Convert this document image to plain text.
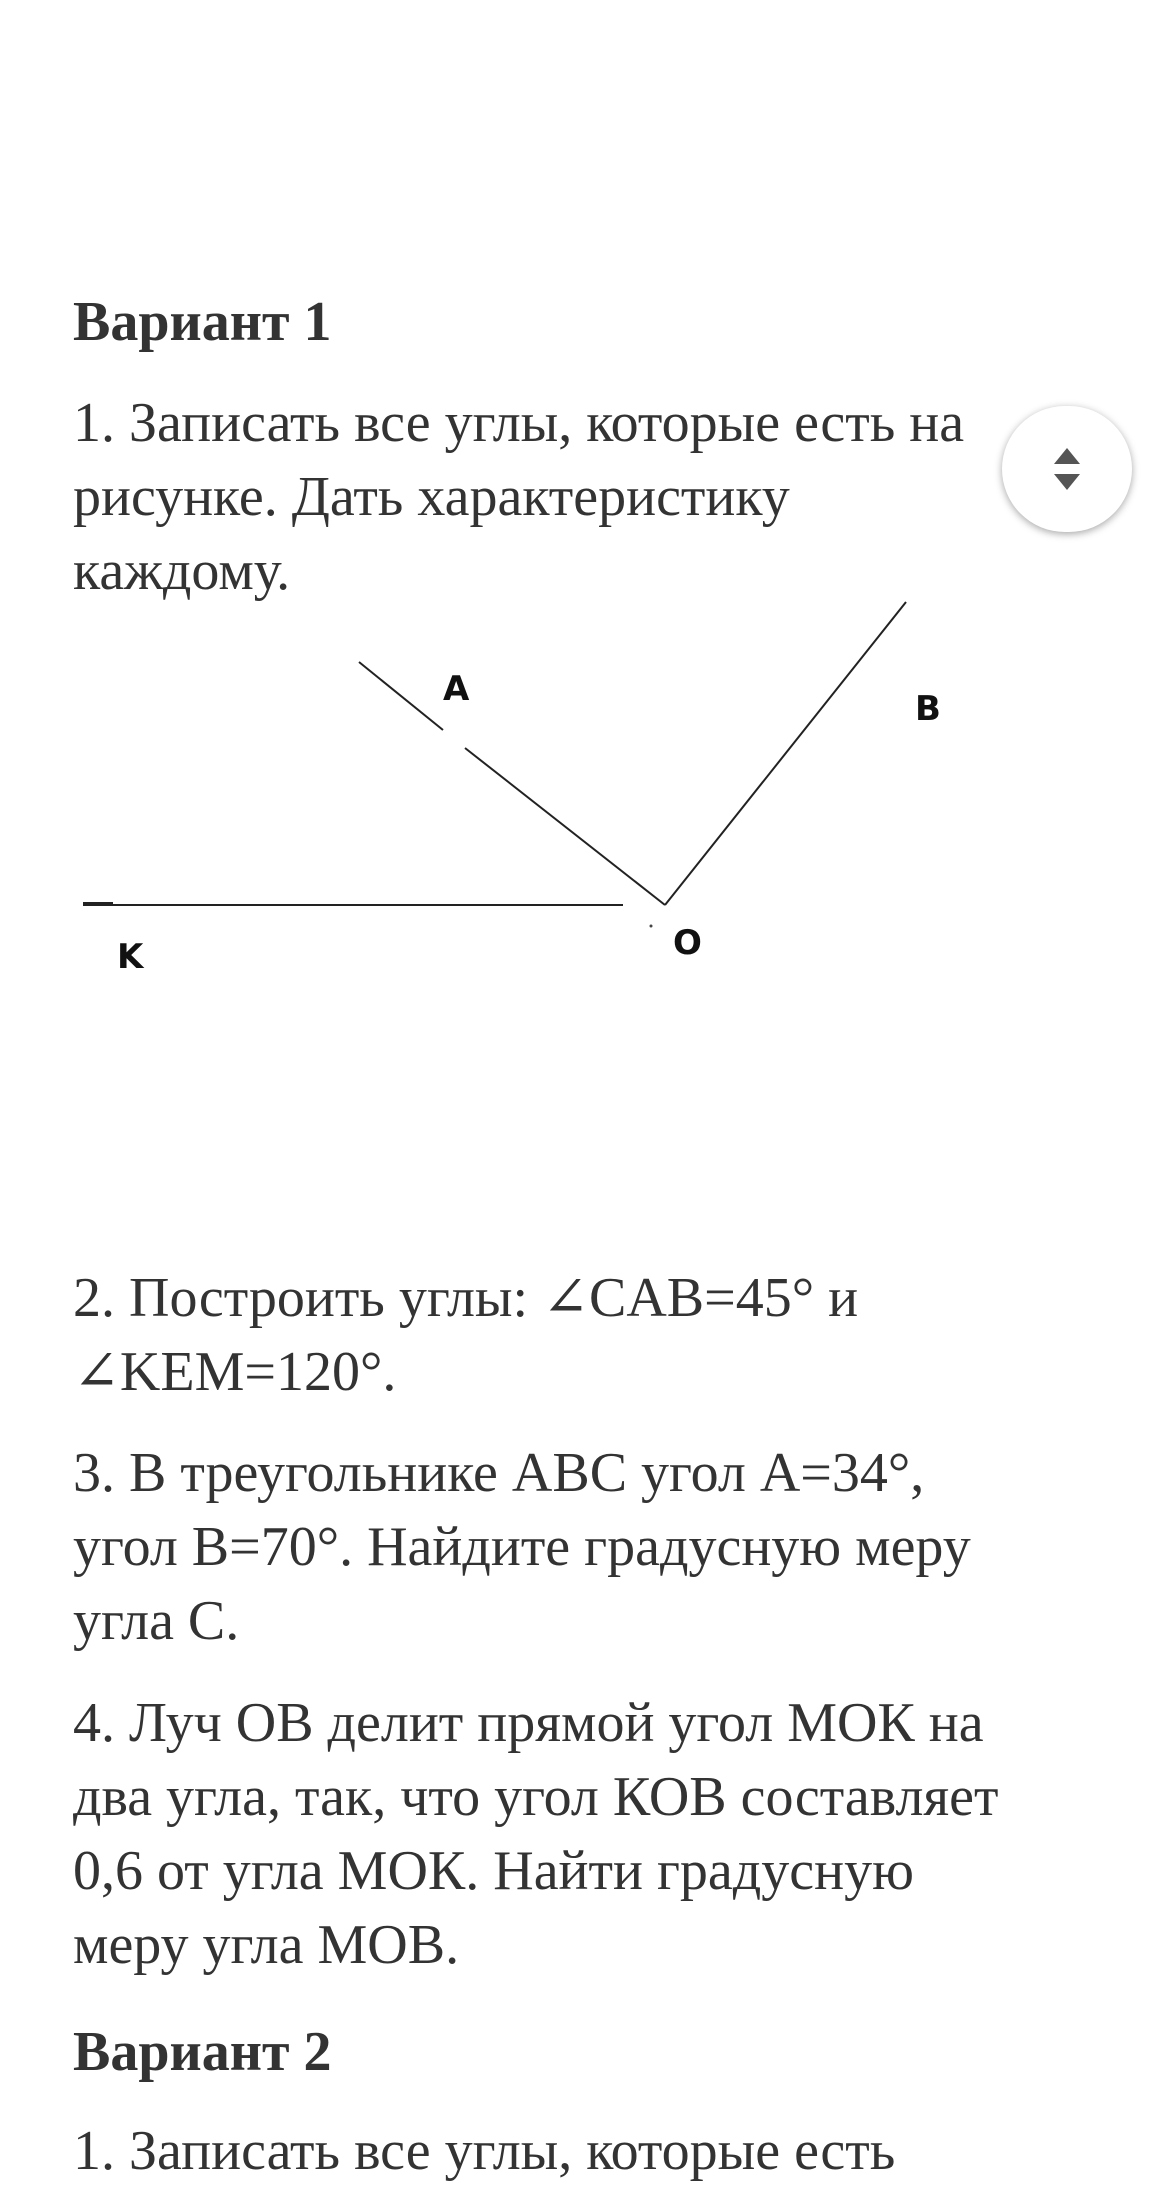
Вариант 1

1. Записать все углы, которые есть на рисунке. Дать характеристику каждому.

A	B
K	O

2. Построить углы: ∠CAB=45° и ∠KEM=120°.

3. В треугольнике АВС угол А=34°, угол В=70°. Найдите градусную меру угла С.

4. Луч ОВ делит прямой угол МОК на два угла, так, что угол КОВ составляет 0,6 от угла МОК. Найти градусную меру угла МОВ.

Вариант 2

1. Записать все углы, которые есть
